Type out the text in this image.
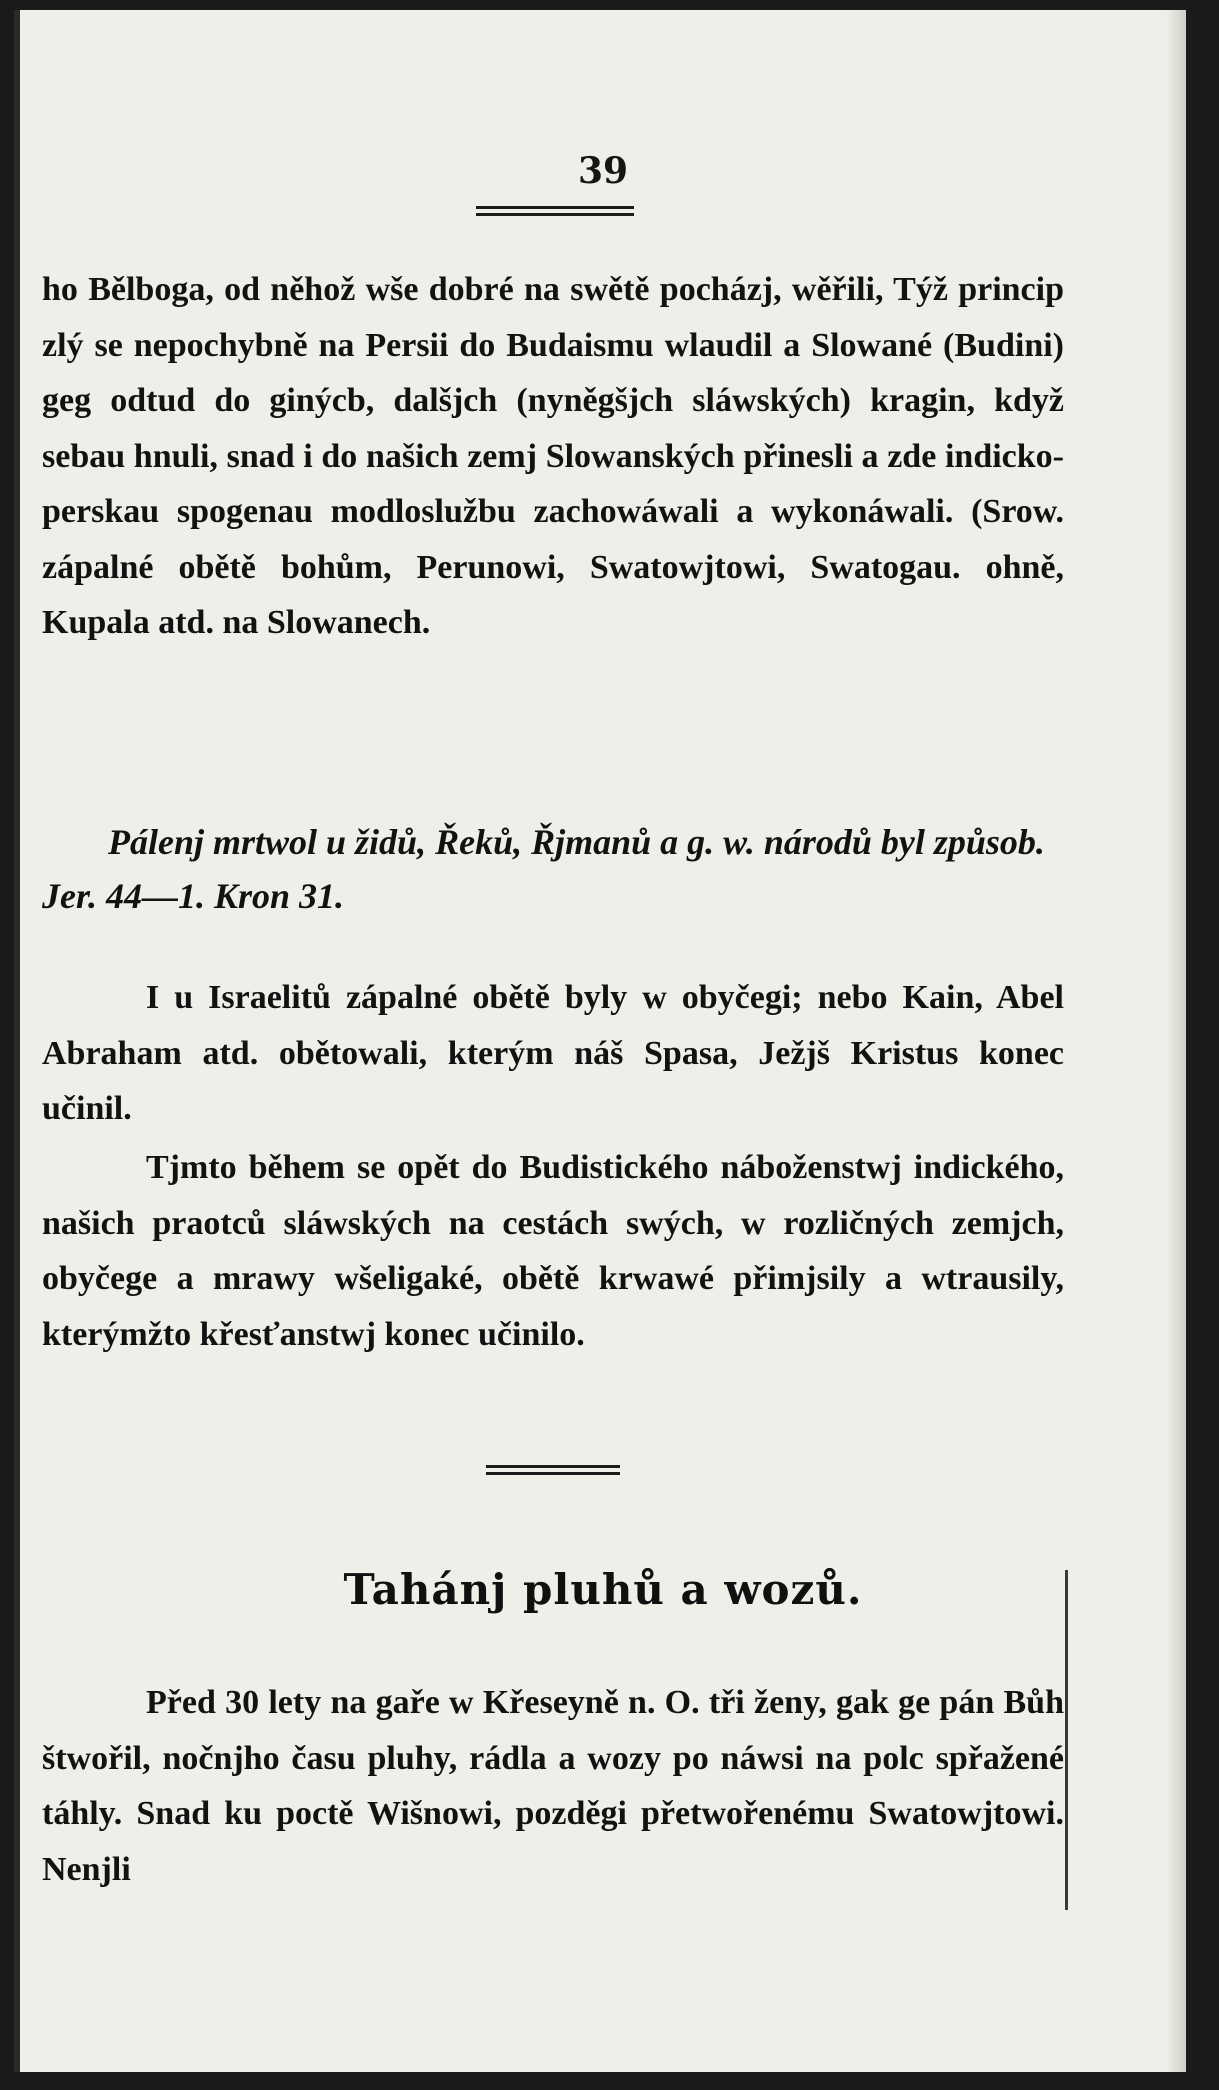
39

ho Bělboga, od něhož wše dobré na swětě pocházj, wěřili, Týž princip zlý se nepochybně na Persii do Budaismu wlaudil a Slowané (Budini) geg odtud do ginýcb, dalšjch (nyněgšjch sláwských) kragin, když sebau hnuli, snad i do našich zemj Slowanských přinesli a zde indicko-perskau spogenau modloslužbu zachowáwali a wykonáwali. (Srow. zápalné obětě bohům, Perunowi, Swatowjtowi, Swatogau. ohně, Kupala atd. na Slowanech.

Pálenj mrtwol u židů, Řeků, Řjmanů a g. w. národů byl způsob. Jer. 44—1. Kron 31.

I u Israelitů zápalné obětě byly w obyčegi; nebo Kain, Abel Abraham atd. obětowali, kterým náš Spasa, Ježjš Kristus konec učinil.

Tjmto během se opět do Budistického náboženstwj indického, našich praotců sláwských na cestách swých, w rozličných zemjch, obyčege a mrawy wšeligaké, obětě krwawé přimjsily a wtrausily, kterýmžto křesťanstwj konec učinilo.

Tahánj pluhů a wozů.

Před 30 lety na gaře w Křeseyně n. O. tři ženy, gak ge pán Bůh štwořil, nočnjho času pluhy, rádla a wozy po náwsi na polc spřažené táhly. Snad ku poctě Wišnowi, pozděgi přetwořenému Swatowjtowi. Nenjli
